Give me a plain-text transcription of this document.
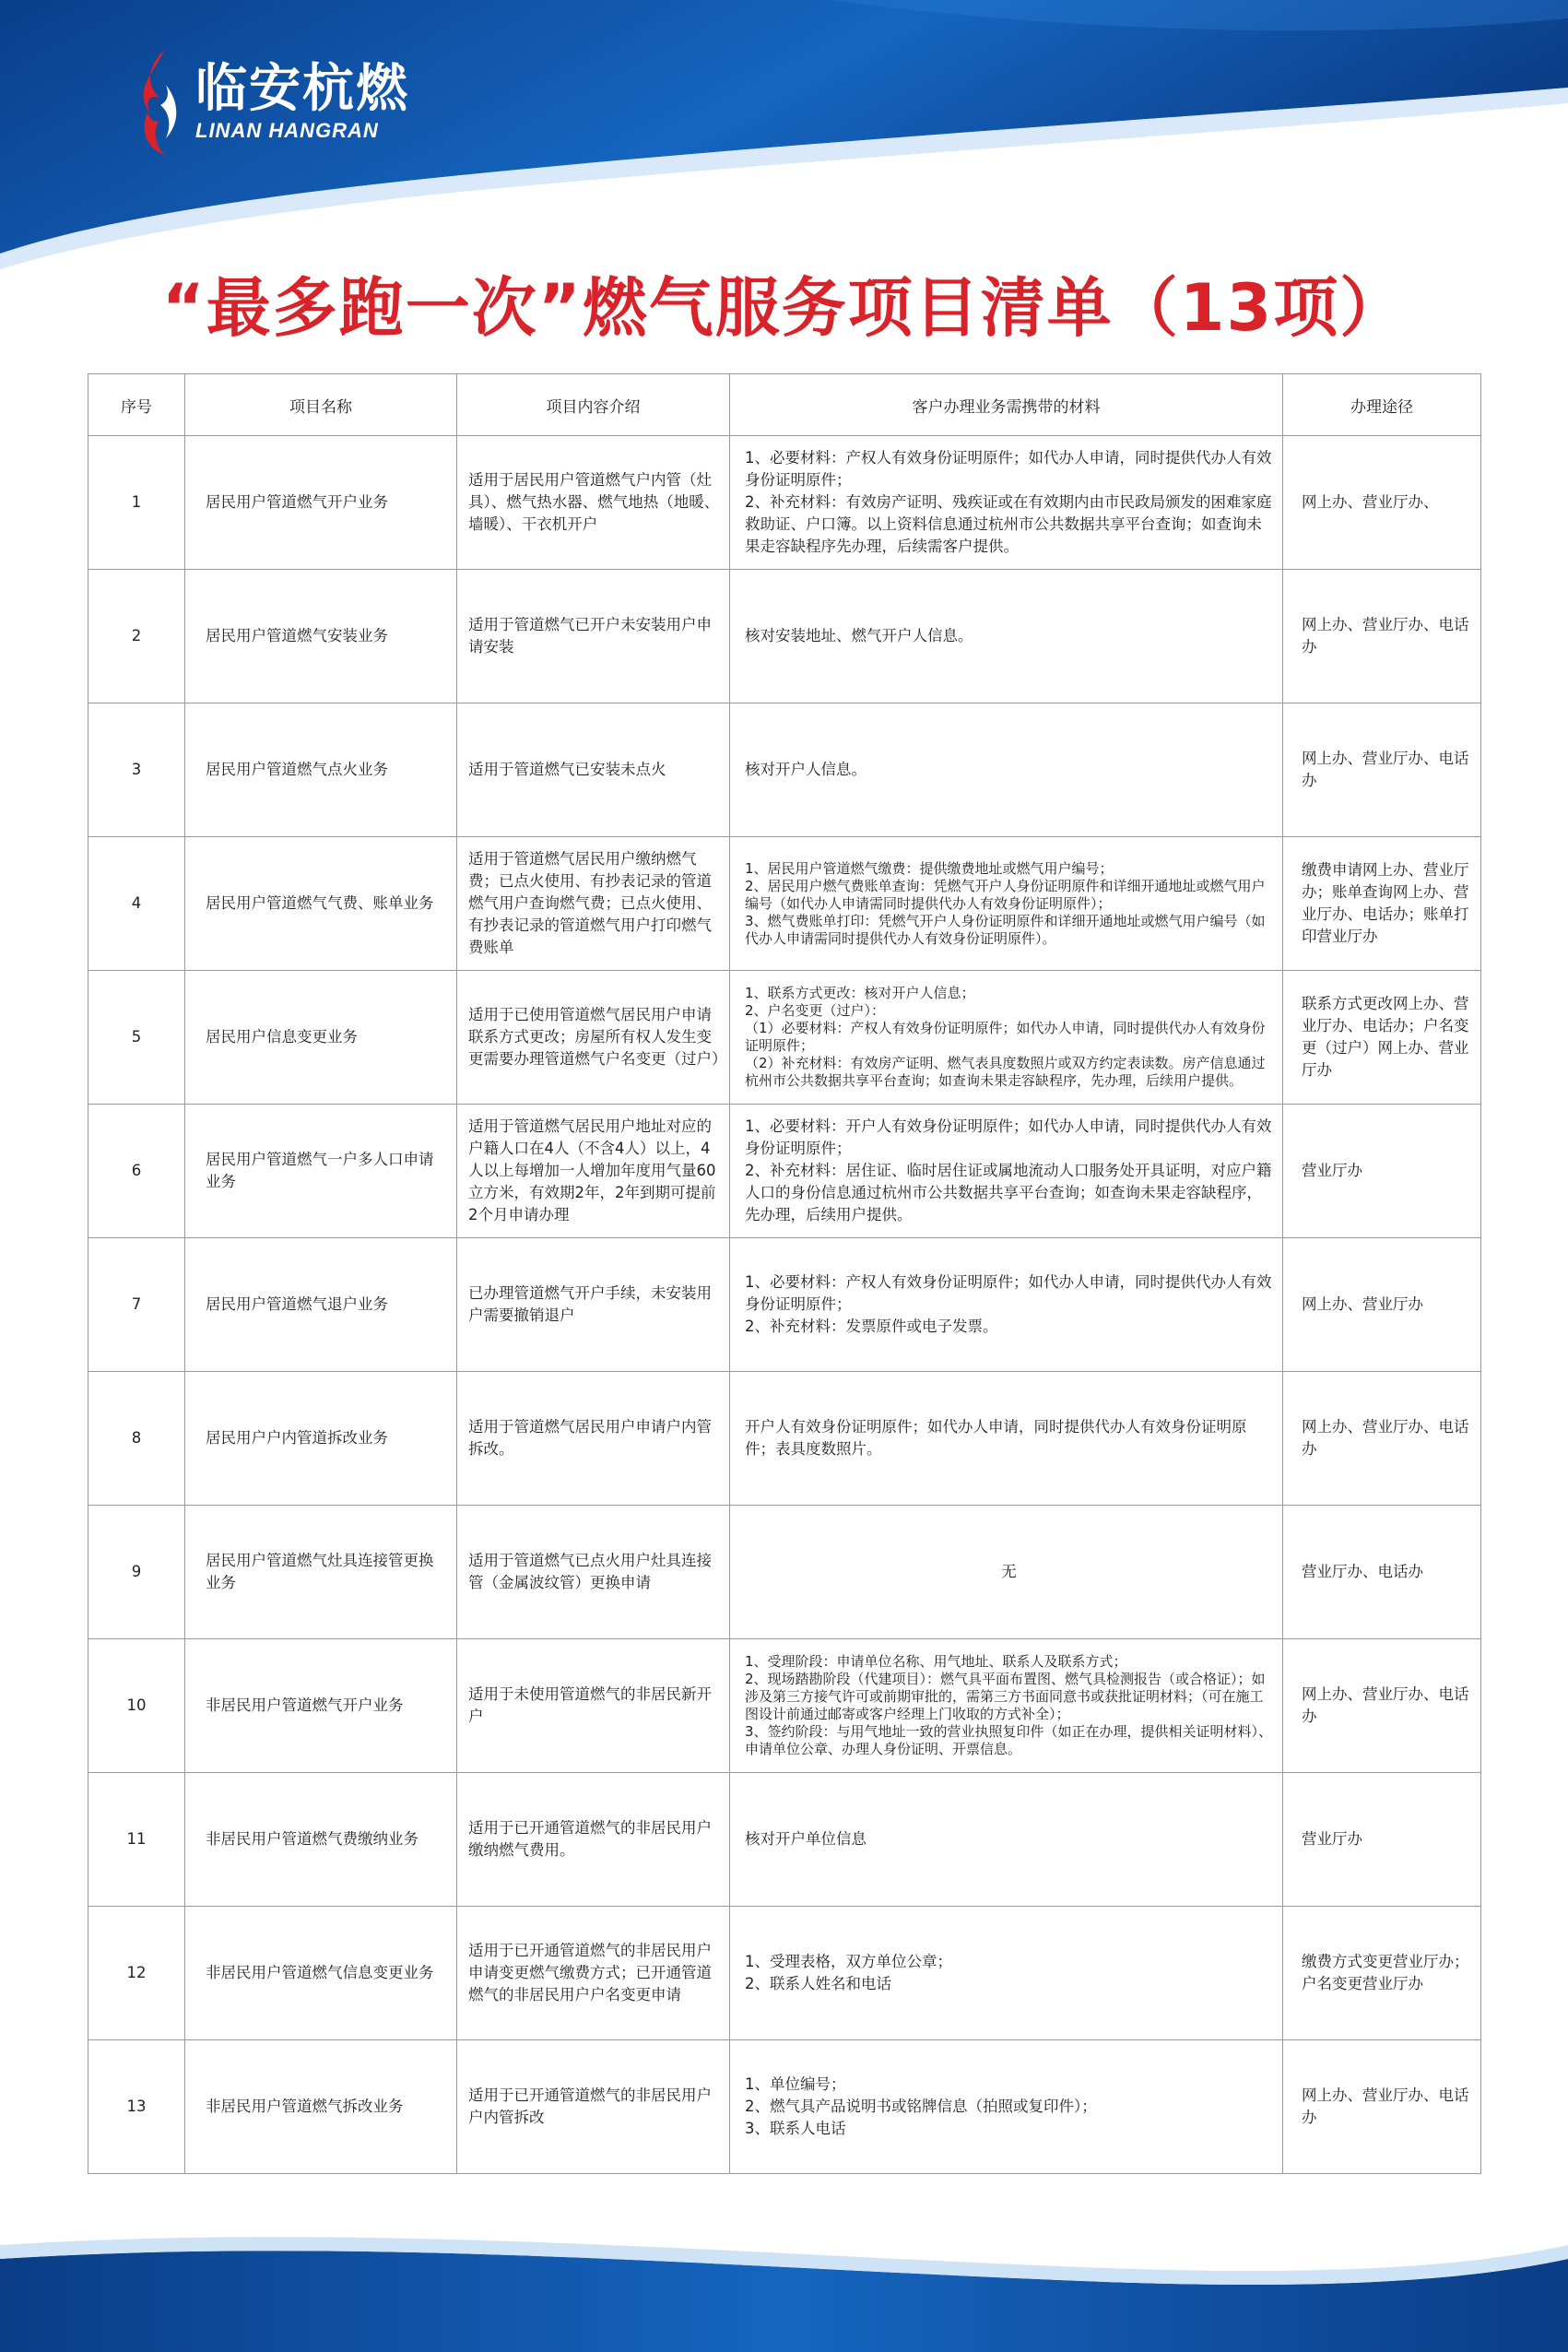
临安杭燃
LINAN HANGRAN
“最多跑一次”燃气服务项目清单（13项）
序号	项目名称	项目内容介绍	客户办理业务需携带的材料	办理途径
1	居民用户管道燃气开户业务	适用于居民用户管道燃气户内管（灶具）、燃气热水器、燃气地热（地暖、墙暖）、干衣机开户	1、必要材料：产权人有效身份证明原件；如代办人申请，同时提供代办人有效身份证明原件；
2、补充材料：有效房产证明、残疾证或在有效期内由市民政局颁发的困难家庭救助证、户口簿。以上资料信息通过杭州市公共数据共享平台查询；如查询未果走容缺程序先办理，后续需客户提供。	网上办、营业厅办、
2	居民用户管道燃气安装业务	适用于管道燃气已开户未安装用户申请安装	核对安装地址、燃气开户人信息。	网上办、营业厅办、电话办
3	居民用户管道燃气点火业务	适用于管道燃气已安装未点火	核对开户人信息。	网上办、营业厅办、电话办
4	居民用户管道燃气气费、账单业务	适用于管道燃气居民用户缴纳燃气费；已点火使用、有抄表记录的管道燃气用户查询燃气费；已点火使用、有抄表记录的管道燃气用户打印燃气费账单	1、居民用户管道燃气缴费：提供缴费地址或燃气用户编号；
2、居民用户燃气费账单查询：凭燃气开户人身份证明原件和详细开通地址或燃气用户编号（如代办人申请需同时提供代办人有效身份证明原件）；
3、燃气费账单打印：凭燃气开户人身份证明原件和详细开通地址或燃气用户编号（如代办人申请需同时提供代办人有效身份证明原件）。	缴费申请网上办、营业厅办；账单查询网上办、营业厅办、电话办；账单打印营业厅办
5	居民用户信息变更业务	适用于已使用管道燃气居民用户申请联系方式更改；房屋所有权人发生变更需要办理管道燃气户名变更（过户）	1、联系方式更改：核对开户人信息；
2、户名变更（过户）：
（1）必要材料：产权人有效身份证明原件；如代办人申请，同时提供代办人有效身份证明原件；
（2）补充材料：有效房产证明、燃气表具度数照片或双方约定表读数。房产信息通过杭州市公共数据共享平台查询；如查询未果走容缺程序，先办理，后续用户提供。	联系方式更改网上办、营业厅办、电话办；户名变更（过户）网上办、营业厅办
6	居民用户管道燃气一户多人口申请业务	适用于管道燃气居民用户地址对应的户籍人口在4人（不含4人）以上，4人以上每增加一人增加年度用气量60立方米，有效期2年，2年到期可提前2个月申请办理	1、必要材料：开户人有效身份证明原件；如代办人申请，同时提供代办人有效身份证明原件；
2、补充材料：居住证、临时居住证或属地流动人口服务处开具证明，对应户籍人口的身份信息通过杭州市公共数据共享平台查询；如查询未果走容缺程序，先办理，后续用户提供。	营业厅办
7	居民用户管道燃气退户业务	已办理管道燃气开户手续，未安装用户需要撤销退户	1、必要材料：产权人有效身份证明原件；如代办人申请，同时提供代办人有效身份证明原件；
2、补充材料：发票原件或电子发票。	网上办、营业厅办
8	居民用户户内管道拆改业务	适用于管道燃气居民用户申请户内管拆改。	开户人有效身份证明原件；如代办人申请，同时提供代办人有效身份证明原件；表具度数照片。	网上办、营业厅办、电话办
9	居民用户管道燃气灶具连接管更换业务	适用于管道燃气已点火用户灶具连接管（金属波纹管）更换申请	无	营业厅办、电话办
10	非居民用户管道燃气开户业务	适用于未使用管道燃气的非居民新开户	1、受理阶段：申请单位名称、用气地址、联系人及联系方式；
2、现场踏勘阶段（代建项目）：燃气具平面布置图、燃气具检测报告（或合格证）；如涉及第三方接气许可或前期审批的，需第三方书面同意书或获批证明材料；（可在施工图设计前通过邮寄或客户经理上门收取的方式补全）；
3、签约阶段：与用气地址一致的营业执照复印件（如正在办理，提供相关证明材料）、申请单位公章、办理人身份证明、开票信息。	网上办、营业厅办、电话办
11	非居民用户管道燃气费缴纳业务	适用于已开通管道燃气的非居民用户缴纳燃气费用。	核对开户单位信息	营业厅办
12	非居民用户管道燃气信息变更业务	适用于已开通管道燃气的非居民用户申请变更燃气缴费方式；已开通管道燃气的非居民用户户名变更申请	1、受理表格，双方单位公章；
2、联系人姓名和电话	缴费方式变更营业厅办；户名变更营业厅办
13	非居民用户管道燃气拆改业务	适用于已开通管道燃气的非居民用户户内管拆改	1、单位编号；
2、燃气具产品说明书或铭牌信息（拍照或复印件）；
3、联系人电话	网上办、营业厅办、电话办
